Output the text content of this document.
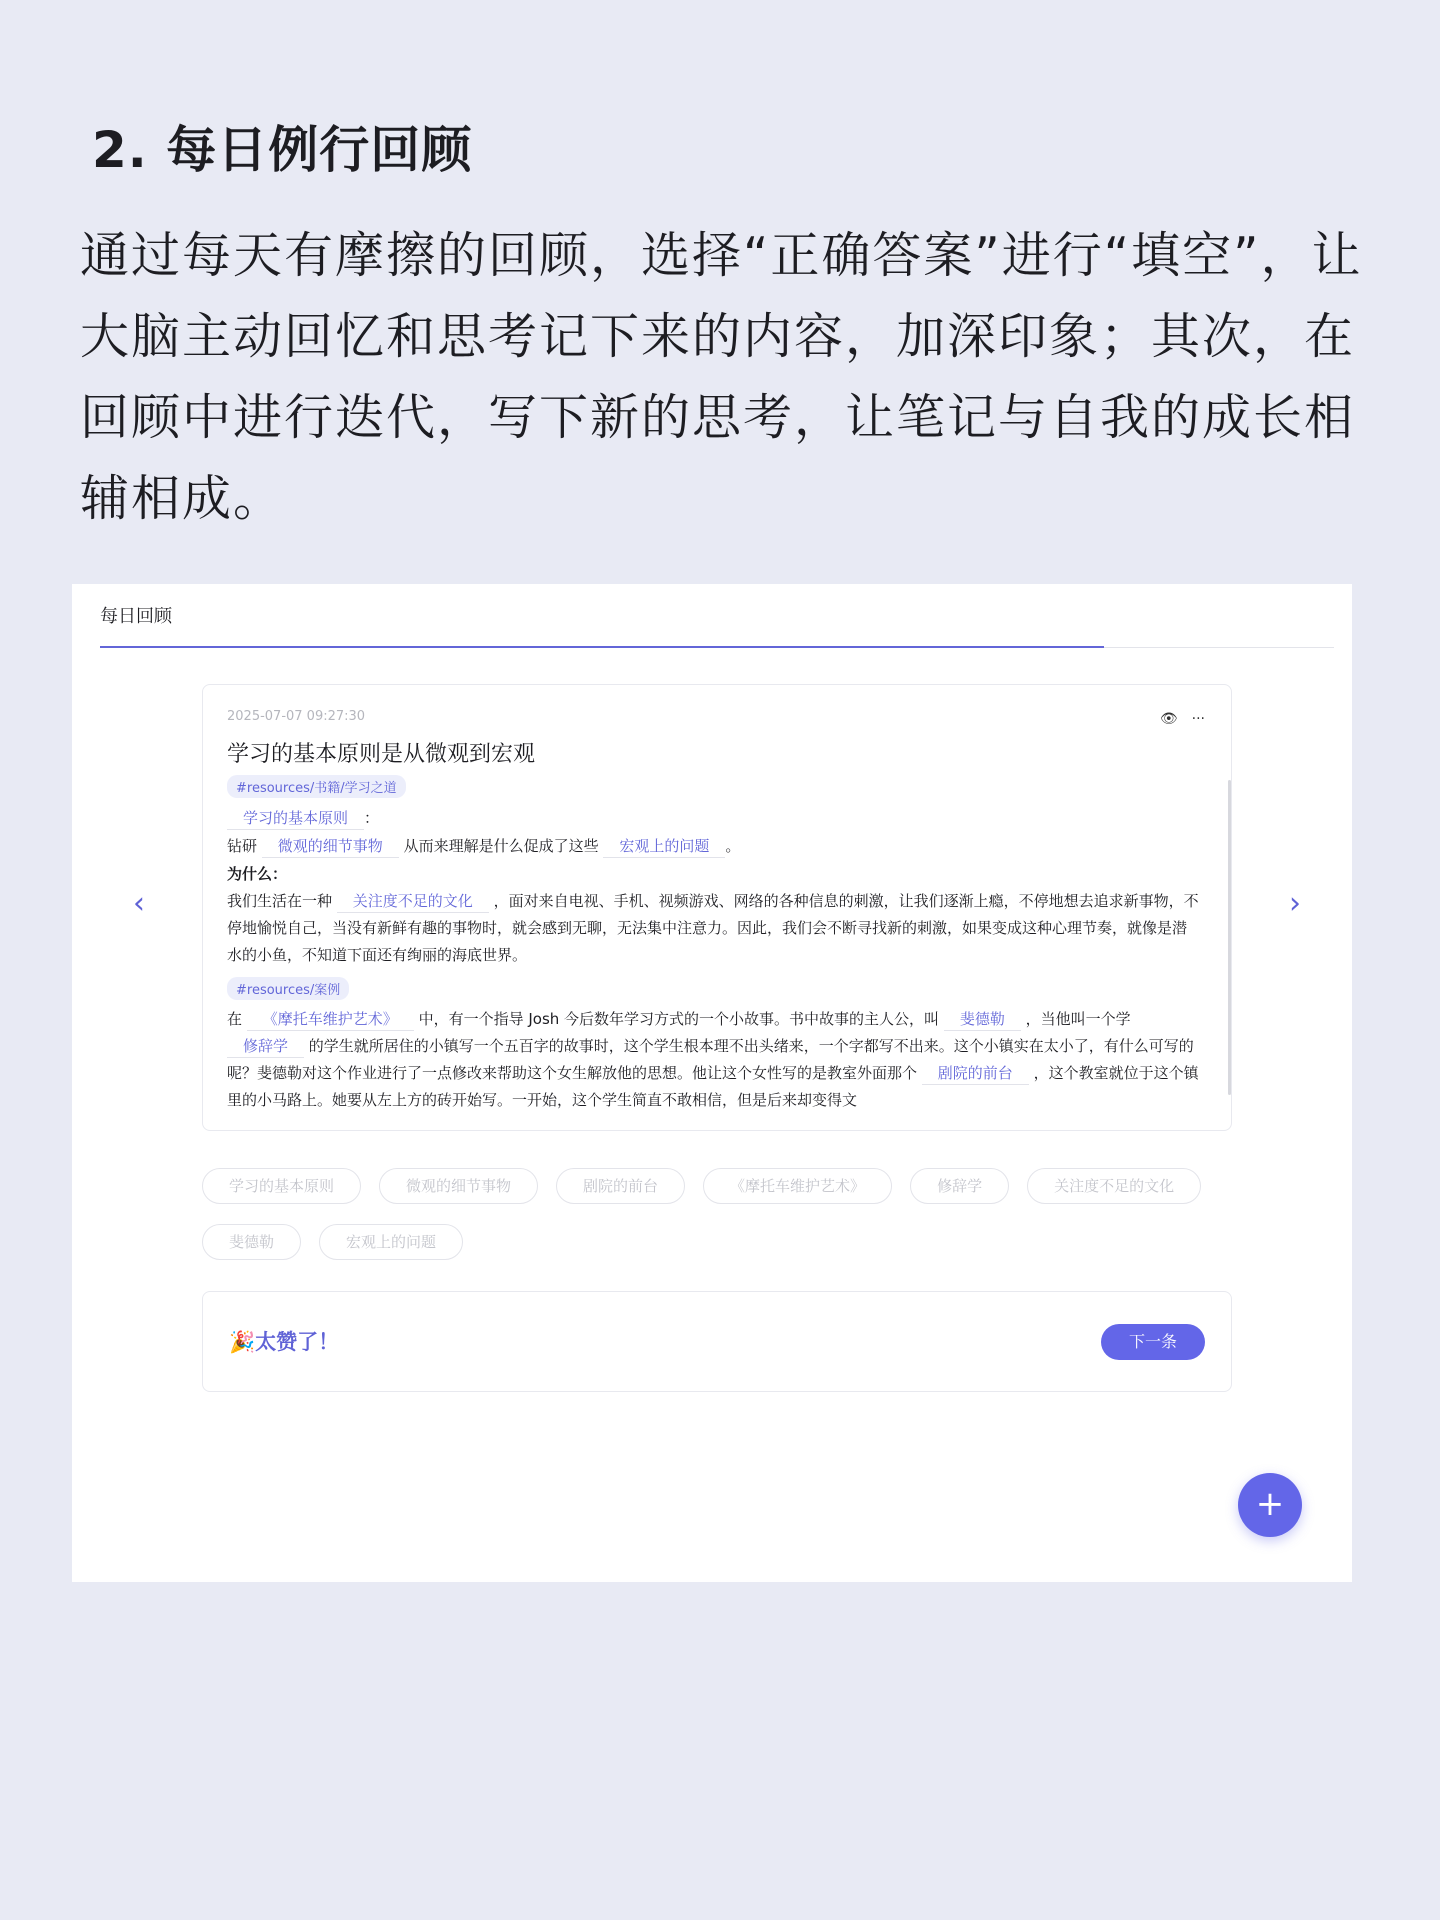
2. 每日例行回顾
通过每天有摩擦的回顾，选择“正确答案”进行“填空”，让大脑主动回忆和思考记下来的内容，加深印象；其次，在回顾中进行迭代，写下新的思考，让笔记与自我的成长相辅相成。
每日回顾
‹	›
2025-07-07 09:27:30	👁 ···
学习的基本原则是从微观到宏观
#resources/书籍/学习之道
学习的基本原则 ：
钻研 微观的细节事物 从而来理解是什么促成了这些 宏观上的问题 。
为什么：
我们生活在一种 关注度不足的文化 ，面对来自电视、手机、视频游戏、网络的各种信息的刺激，让我们逐渐上瘾，不停地想去追求新事物，不停地愉悦自己，当没有新鲜有趣的事物时，就会感到无聊，无法集中注意力。因此，我们会不断寻找新的刺激，如果变成这种心理节奏，就像是潜水的小鱼，不知道下面还有绚丽的海底世界。
#resources/案例
在 《摩托车维护艺术》 中，有一个指导 Josh 今后数年学习方式的一个小故事。书中故事的主人公，叫 斐德勒 ，当他叫一个学 修辞学 的学生就所居住的小镇写一个五百字的故事时，这个学生根本理不出头绪来，一个字都写不出来。这个小镇实在太小了，有什么可写的呢？斐德勒对这个作业进行了一点修改来帮助这个女生解放他的思想。他让这个女性写的是教室外面那个 剧院的前台 ，这个教室就位于这个镇里的小马路上。她要从左上方的砖开始写。一开始，这个学生简直不敢相信，但是后来却变得文
学习的基本原则	微观的细节事物	剧院的前台	《摩托车维护艺术》	修辞学	关注度不足的文化
斐德勒	宏观上的问题
🎉太赞了！	下一条
+
